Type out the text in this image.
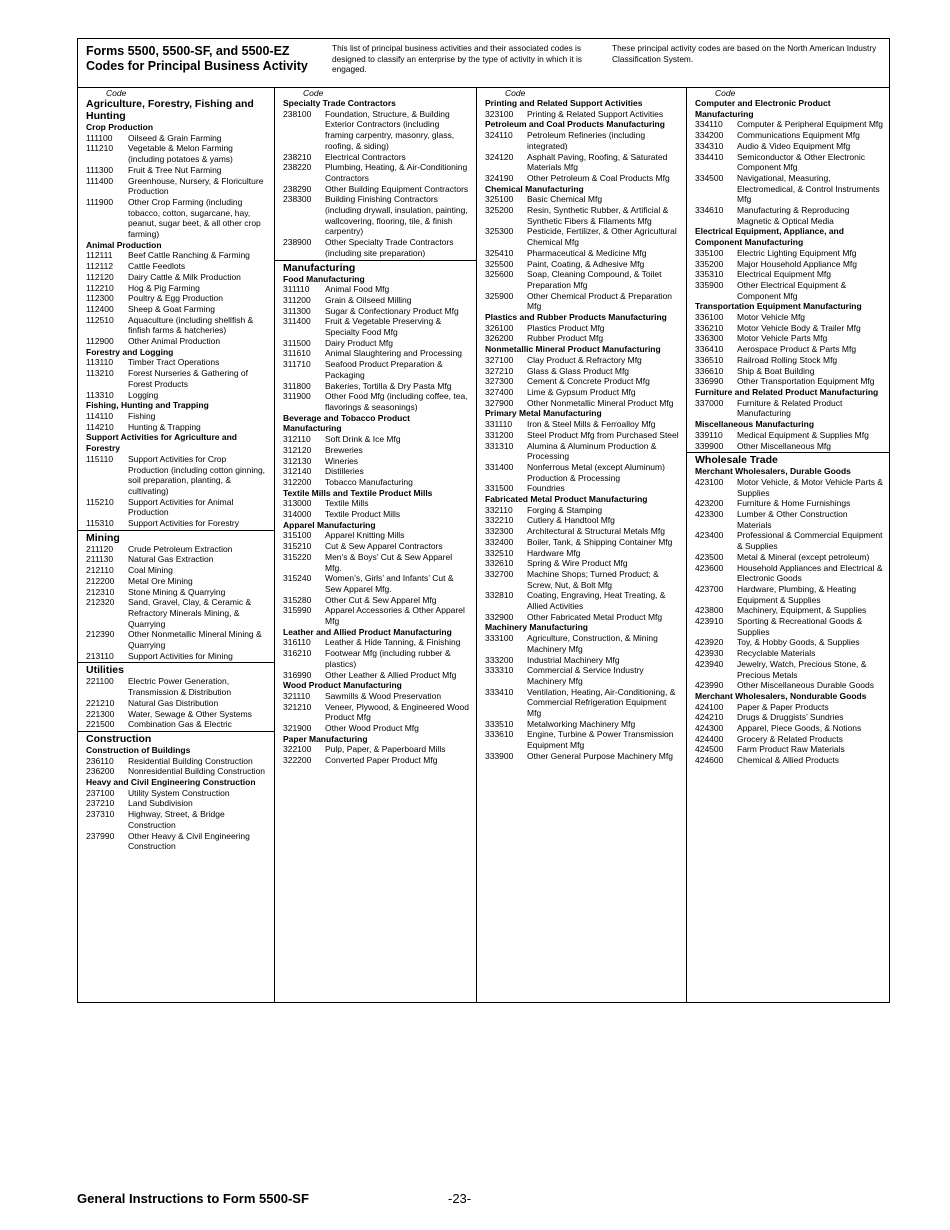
Forms 5500, 5500-SF, and 5500-EZ Codes for Principal Business Activity
This list of principal business activities and their associated codes is designed to classify an enterprise by the type of activity in which it is engaged.
These principal activity codes are based on the North American Industry Classification System.
Code
Agriculture, Forestry, Fishing and Hunting
Crop Production
111100	Oilseed & Grain Farming
111210	Vegetable & Melon Farming (including potatoes & yams)
111300	Fruit & Tree Nut Farming
111400	Greenhouse, Nursery, & Floriculture Production
111900	Other Crop Farming (including tobacco, cotton, sugarcane, hay, peanut, sugar beet, & all other crop farming)
Animal Production
112111	Beef Cattle Ranching & Farming
112112	Cattle Feedlots
112120	Dairy Cattle & Milk Production
112210	Hog & Pig Farming
112300	Poultry & Egg Production
112400	Sheep & Goat Farming
112510	Aquaculture (including shellfish & finfish farms & hatcheries)
112900	Other Animal Production
Forestry and Logging
113110	Timber Tract Operations
113210	Forest Nurseries & Gathering of Forest Products
113310	Logging
Fishing, Hunting and Trapping
114110	Fishing
114210	Hunting & Trapping
Support Activities for Agriculture and Forestry
115110	Support Activities for Crop Production (including cotton ginning, soil preparation, planting, & cultivating)
115210	Support Activities for Animal Production
115310	Support Activities for Forestry
Mining
211120	Crude Petroleum Extraction
211130	Natural Gas Extraction
212110	Coal Mining
212200	Metal Ore Mining
212310	Stone Mining & Quarrying
212320	Sand, Gravel, Clay, & Ceramic & Refractory Minerals Mining, & Quarrying
212390	Other Nonmetallic Mineral Mining & Quarrying
213110	Support Activities for Mining
Utilities
221100	Electric Power Generation, Transmission & Distribution
221210	Natural Gas Distribution
221300	Water, Sewage & Other Systems
221500	Combination Gas & Electric
Construction
Construction of Buildings
236110	Residential Building Construction
236200	Nonresidential Building Construction
Heavy and Civil Engineering Construction
237100	Utility System Construction
237210	Land Subdivision
237310	Highway, Street, & Bridge Construction
237990	Other Heavy & Civil Engineering Construction
Code
Specialty Trade Contractors
238100	Foundation, Structure, & Building Exterior Contractors (including framing carpentry, masonry, glass, roofing, & siding)
238210	Electrical Contractors
238220	Plumbing, Heating, & Air-Conditioning Contractors
238290	Other Building Equipment Contractors
238300	Building Finishing Contractors (including drywall, insulation, painting, wallcovering, flooring, tile, & finish carpentry)
238900	Other Specialty Trade Contractors (including site preparation)
Manufacturing
Food Manufacturing
311110	Animal Food Mfg
311200	Grain & Oilseed Milling
311300	Sugar & Confectionary Product Mfg
311400	Fruit & Vegetable Preserving & Specialty Food Mfg
311500	Dairy Product Mfg
311610	Animal Slaughtering and Processing
311710	Seafood Product Preparation & Packaging
311800	Bakeries, Tortilla & Dry Pasta Mfg
311900	Other Food Mfg (including coffee, tea, flavorings & seasonings)
Beverage and Tobacco Product Manufacturing
312110	Soft Drink & Ice Mfg
312120	Breweries
312130	Wineries
312140	Distilleries
312200	Tobacco Manufacturing
Textile Mills and Textile Product Mills
313000	Textile Mills
314000	Textile Product Mills
Apparel Manufacturing
315100	Apparel Knitting Mills
315210	Cut & Sew Apparel Contractors
315220	Men’s & Boys’ Cut & Sew Apparel Mfg.
315240	Women’s, Girls’ and Infants’ Cut & Sew Apparel Mfg.
315280	Other Cut & Sew Apparel Mfg
315990	Apparel Accessories & Other Apparel Mfg
Leather and Allied Product Manufacturing
316110	Leather & Hide Tanning, & Finishing
316210	Footwear Mfg (including rubber & plastics)
316990	Other Leather & Allied Product Mfg
Wood Product Manufacturing
321110	Sawmills & Wood Preservation
321210	Veneer, Plywood, & Engineered Wood Product Mfg
321900	Other Wood Product Mfg
Paper Manufacturing
322100	Pulp, Paper, & Paperboard Mills
322200	Converted Paper Product Mfg
Code
Printing and Related Support Activities
323100	Printing & Related Support Activities
Petroleum and Coal Products Manufacturing
324110	Petroleum Refineries (including integrated)
324120	Asphalt Paving, Roofing, & Saturated Materials Mfg
324190	Other Petroleum & Coal Products Mfg
Chemical Manufacturing
325100	Basic Chemical Mfg
325200	Resin, Synthetic Rubber, & Artificial & Synthetic Fibers & Filaments Mfg
325300	Pesticide, Fertilizer, & Other Agricultural Chemical Mfg
325410	Pharmaceutical & Medicine Mfg
325500	Paint, Coating, & Adhesive Mfg
325600	Soap, Cleaning Compound, & Toilet Preparation Mfg
325900	Other Chemical Product & Preparation Mfg
Plastics and Rubber Products Manufacturing
326100	Plastics Product Mfg
326200	Rubber Product Mfg
Nonmetallic Mineral Product Manufacturing
327100	Clay Product & Refractory Mfg
327210	Glass & Glass Product Mfg
327300	Cement & Concrete Product Mfg
327400	Lime & Gypsum Product Mfg
327900	Other Nonmetallic Mineral Product Mfg
Primary Metal Manufacturing
331110	Iron & Steel Mills & Ferroalloy Mfg
331200	Steel Product Mfg from Purchased Steel
331310	Alumina & Aluminum Production & Processing
331400	Nonferrous Metal (except Aluminum) Production & Processing
331500	Foundries
Fabricated Metal Product Manufacturing
332110	Forging & Stamping
332210	Cutlery & Handtool Mfg
332300	Architectural & Structural Metals Mfg
332400	Boiler, Tank, & Shipping Container Mfg
332510	Hardware Mfg
332610	Spring & Wire Product Mfg
332700	Machine Shops; Turned Product; & Screw, Nut, & Bolt Mfg
332810	Coating, Engraving, Heat Treating, & Allied Activities
332900	Other Fabricated Metal Product Mfg
Machinery Manufacturing
333100	Agriculture, Construction, & Mining Machinery Mfg
333200	Industrial Machinery Mfg
333310	Commercial & Service Industry Machinery Mfg
333410	Ventilation, Heating, Air-Conditioning, & Commercial Refrigeration Equipment Mfg
333510	Metalworking Machinery Mfg
333610	Engine, Turbine & Power Transmission Equipment Mfg
333900	Other General Purpose Machinery Mfg
Code
Computer and Electronic Product Manufacturing
334110	Computer & Peripheral Equipment Mfg
334200	Communications Equipment Mfg
334310	Audio & Video Equipment Mfg
334410	Semiconductor & Other Electronic Component Mfg
334500	Navigational, Measuring, Electromedical, & Control Instruments Mfg
334610	Manufacturing & Reproducing Magnetic & Optical Media
Electrical Equipment, Appliance, and Component Manufacturing
335100	Electric Lighting Equipment Mfg
335200	Major Household Appliance Mfg
335310	Electrical Equipment Mfg
335900	Other Electrical Equipment & Component Mfg
Transportation Equipment Manufacturing
336100	Motor Vehicle Mfg
336210	Motor Vehicle Body & Trailer Mfg
336300	Motor Vehicle Parts Mfg
336410	Aerospace Product & Parts Mfg
336510	Railroad Rolling Stock Mfg
336610	Ship & Boat Building
336990	Other Transportation Equipment Mfg
Furniture and Related Product Manufacturing
337000	Furniture & Related Product Manufacturing
Miscellaneous Manufacturing
339110	Medical Equipment & Supplies Mfg
339900	Other Miscellaneous Mfg
Wholesale Trade
Merchant Wholesalers, Durable Goods
423100	Motor Vehicle, & Motor Vehicle Parts & Supplies
423200	Furniture & Home Furnishings
423300	Lumber & Other Construction Materials
423400	Professional & Commercial Equipment & Supplies
423500	Metal & Mineral (except petroleum)
423600	Household Appliances and Electrical & Electronic Goods
423700	Hardware, Plumbing, & Heating Equipment & Supplies
423800	Machinery, Equipment, & Supplies
423910	Sporting & Recreational Goods & Supplies
423920	Toy, & Hobby Goods, & Supplies
423930	Recyclable Materials
423940	Jewelry, Watch, Precious Stone, & Precious Metals
423990	Other Miscellaneous Durable Goods
Merchant Wholesalers, Nondurable Goods
424100	Paper & Paper Products
424210	Drugs & Druggists’ Sundries
424300	Apparel, Piece Goods, & Notions
424400	Grocery & Related Products
424500	Farm Product Raw Materials
424600	Chemical & Allied Products
General Instructions to Form 5500-SF	-23-
